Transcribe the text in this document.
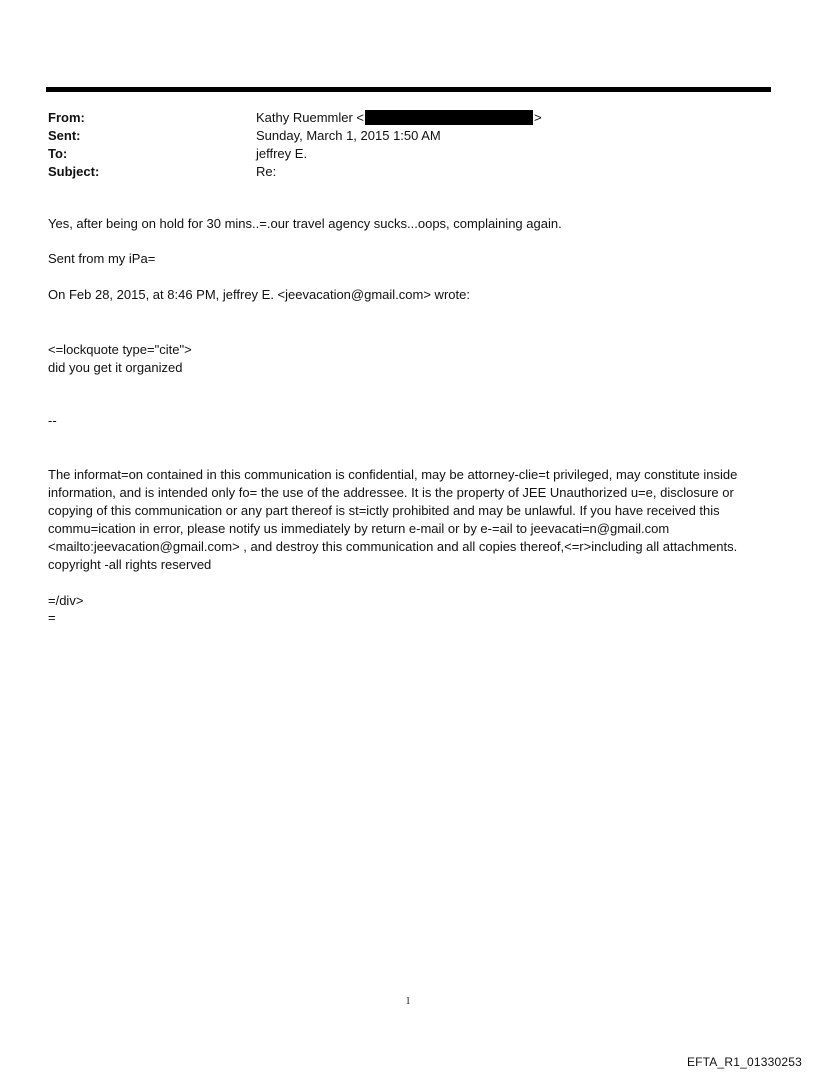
From:	Kathy Ruemmler <	>
Sent:	Sunday, March 1, 2015 1:50 AM
To:	jeffrey E.
Subject:	Re:
Yes, after being on hold for 30 mins..=.our travel agency sucks...oops, complaining again.
Sent from my iPa=
On Feb 28, 2015, at 8:46 PM, jeffrey E. <jeevacation@gmail.com> wrote:
<=lockquote type="cite">
did you get it organized
--
The informat=on contained in this communication is confidential, may be attorney-clie=t privileged, may constitute inside information, and is intended only fo= the use of the addressee. It is the property of JEE Unauthorized u=e, disclosure or copying of this communication or any part thereof is st=ictly prohibited and may be unlawful. If you have received this commu=ication in error, please notify us immediately by return e-mail or by e-=ail to jeevacati=n@gmail.com <mailto:jeevacation@gmail.com> , and destroy this communication and all copies thereof,<=r>including all attachments. copyright -all rights reserved
=/div>
=
1
EFTA_R1_01330253
